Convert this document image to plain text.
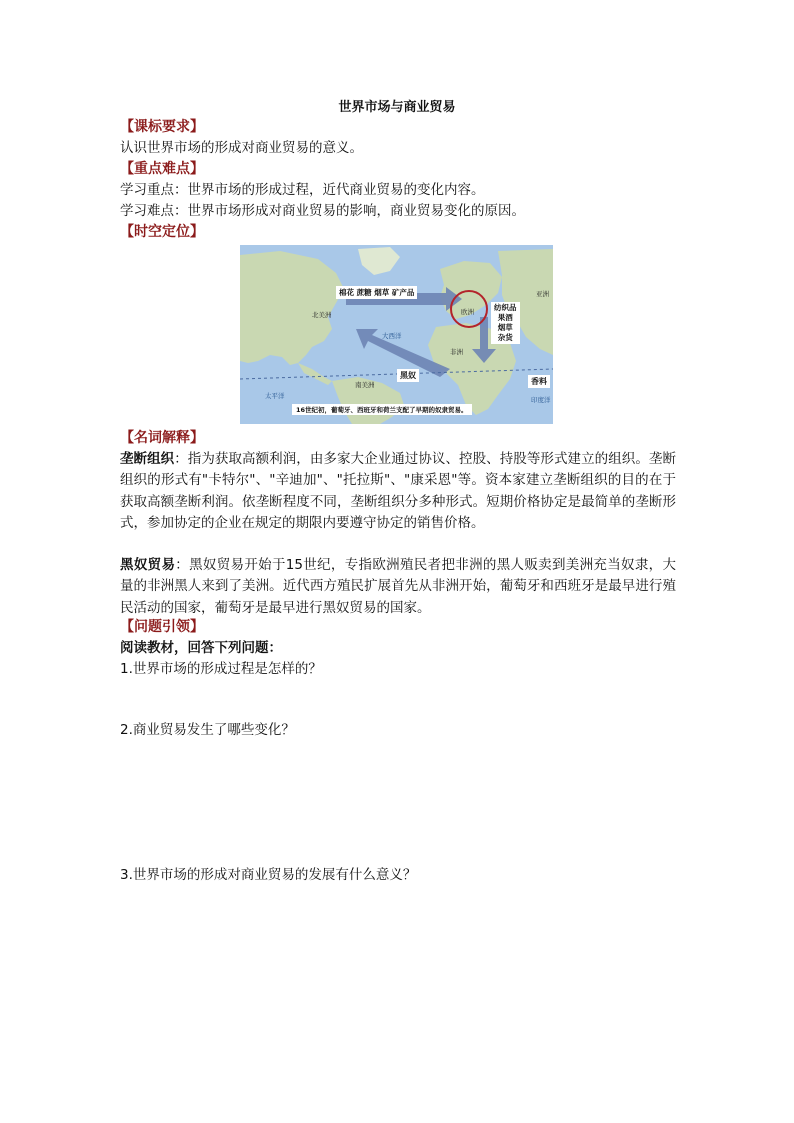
世界市场与商业贸易
【课标要求】
认识世界市场的形成对商业贸易的意义。
【重点难点】
学习重点：世界市场的形成过程，近代商业贸易的变化内容。
学习难点：世界市场形成对商业贸易的影响，商业贸易变化的原因。
【时空定位】
棉花 蔗糖 烟草 矿产品
欧洲
亚洲
北美洲
大西洋
非洲
南美洲
太平洋	印度洋
纺织品
果酒
烟草
杂货
黑奴
香料
16世纪初，葡萄牙、西班牙和荷兰支配了早期的奴隶贸易。
【名词解释】
垄断组织：指为获取高额利润，由多家大企业通过协议、控股、持股等形式建立的组织。垄断组织的形式有"卡特尔"、"辛迪加"、"托拉斯"、"康采恩"等。资本家建立垄断组织的目的在于获取高额垄断利润。依垄断程度不同，垄断组织分多种形式。短期价格协定是最简单的垄断形式，参加协定的企业在规定的期限内要遵守协定的销售价格。
黑奴贸易：黑奴贸易开始于15世纪，专指欧洲殖民者把非洲的黑人贩卖到美洲充当奴隶，大量的非洲黑人来到了美洲。近代西方殖民扩展首先从非洲开始，葡萄牙和西班牙是最早进行殖民活动的国家，葡萄牙是最早进行黑奴贸易的国家。
【问题引领】
阅读教材，回答下列问题：
1.世界市场的形成过程是怎样的？
2.商业贸易发生了哪些变化？
3.世界市场的形成对商业贸易的发展有什么意义？
